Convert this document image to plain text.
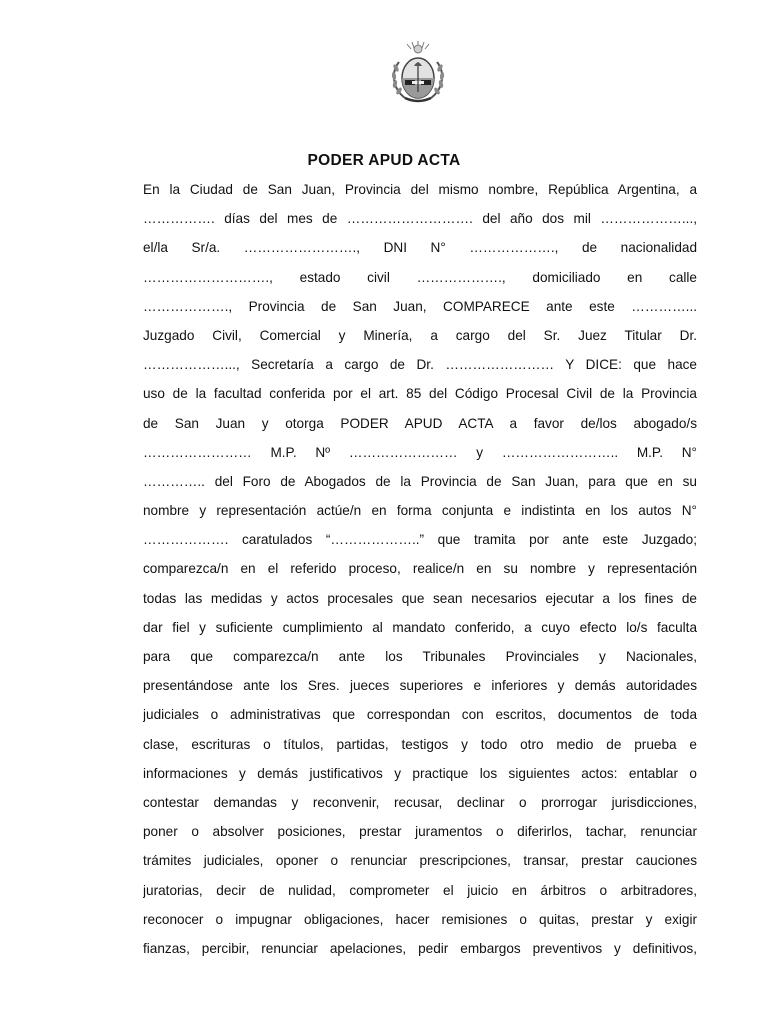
PODER APUD ACTA
En la Ciudad de San Juan, Provincia del mismo nombre, República Argentina, a
……………. días del mes de ………………………. del año dos mil ………………...,
el/la Sr/a. ……………………., DNI N° ………………., de nacionalidad
………………………., estado civil ………………., domiciliado en calle
………………., Provincia de San Juan, COMPARECE ante este …………...
Juzgado Civil, Comercial y Minería, a cargo del Sr. Juez Titular Dr.
………………..., Secretaría a cargo de Dr. …………………… Y DICE: que hace
uso de la facultad conferida por el art. 85 del Código Procesal Civil de la Provincia
de San Juan y otorga PODER APUD ACTA a favor de/los abogado/s
…………………… M.P. Nº …………………… y …………………….. M.P. N°
………….. del Foro de Abogados de la Provincia de San Juan, para que en su
nombre y representación actúe/n en forma conjunta e indistinta en los autos N°
………………. caratulados “………………..” que tramita por ante este Juzgado;
comparezca/n en el referido proceso, realice/n en su nombre y representación
todas las medidas y actos procesales que sean necesarios ejecutar a los fines de
dar fiel y suficiente cumplimiento al mandato conferido, a cuyo efecto lo/s faculta
para que comparezca/n ante los Tribunales Provinciales y Nacionales,
presentándose ante los Sres. jueces superiores e inferiores y demás autoridades
judiciales o administrativas que correspondan con escritos, documentos de toda
clase, escrituras o títulos, partidas, testigos y todo otro medio de prueba e
informaciones y demás justificativos y practique los siguientes actos: entablar o
contestar demandas y reconvenir, recusar, declinar o prorrogar jurisdicciones,
poner o absolver posiciones, prestar juramentos o diferirlos, tachar, renunciar
trámites judiciales, oponer o renunciar prescripciones, transar, prestar cauciones
juratorias, decir de nulidad, comprometer el juicio en árbitros o arbitradores,
reconocer o impugnar obligaciones, hacer remisiones o quitas, prestar y exigir
fianzas, percibir, renunciar apelaciones, pedir embargos preventivos y definitivos,
